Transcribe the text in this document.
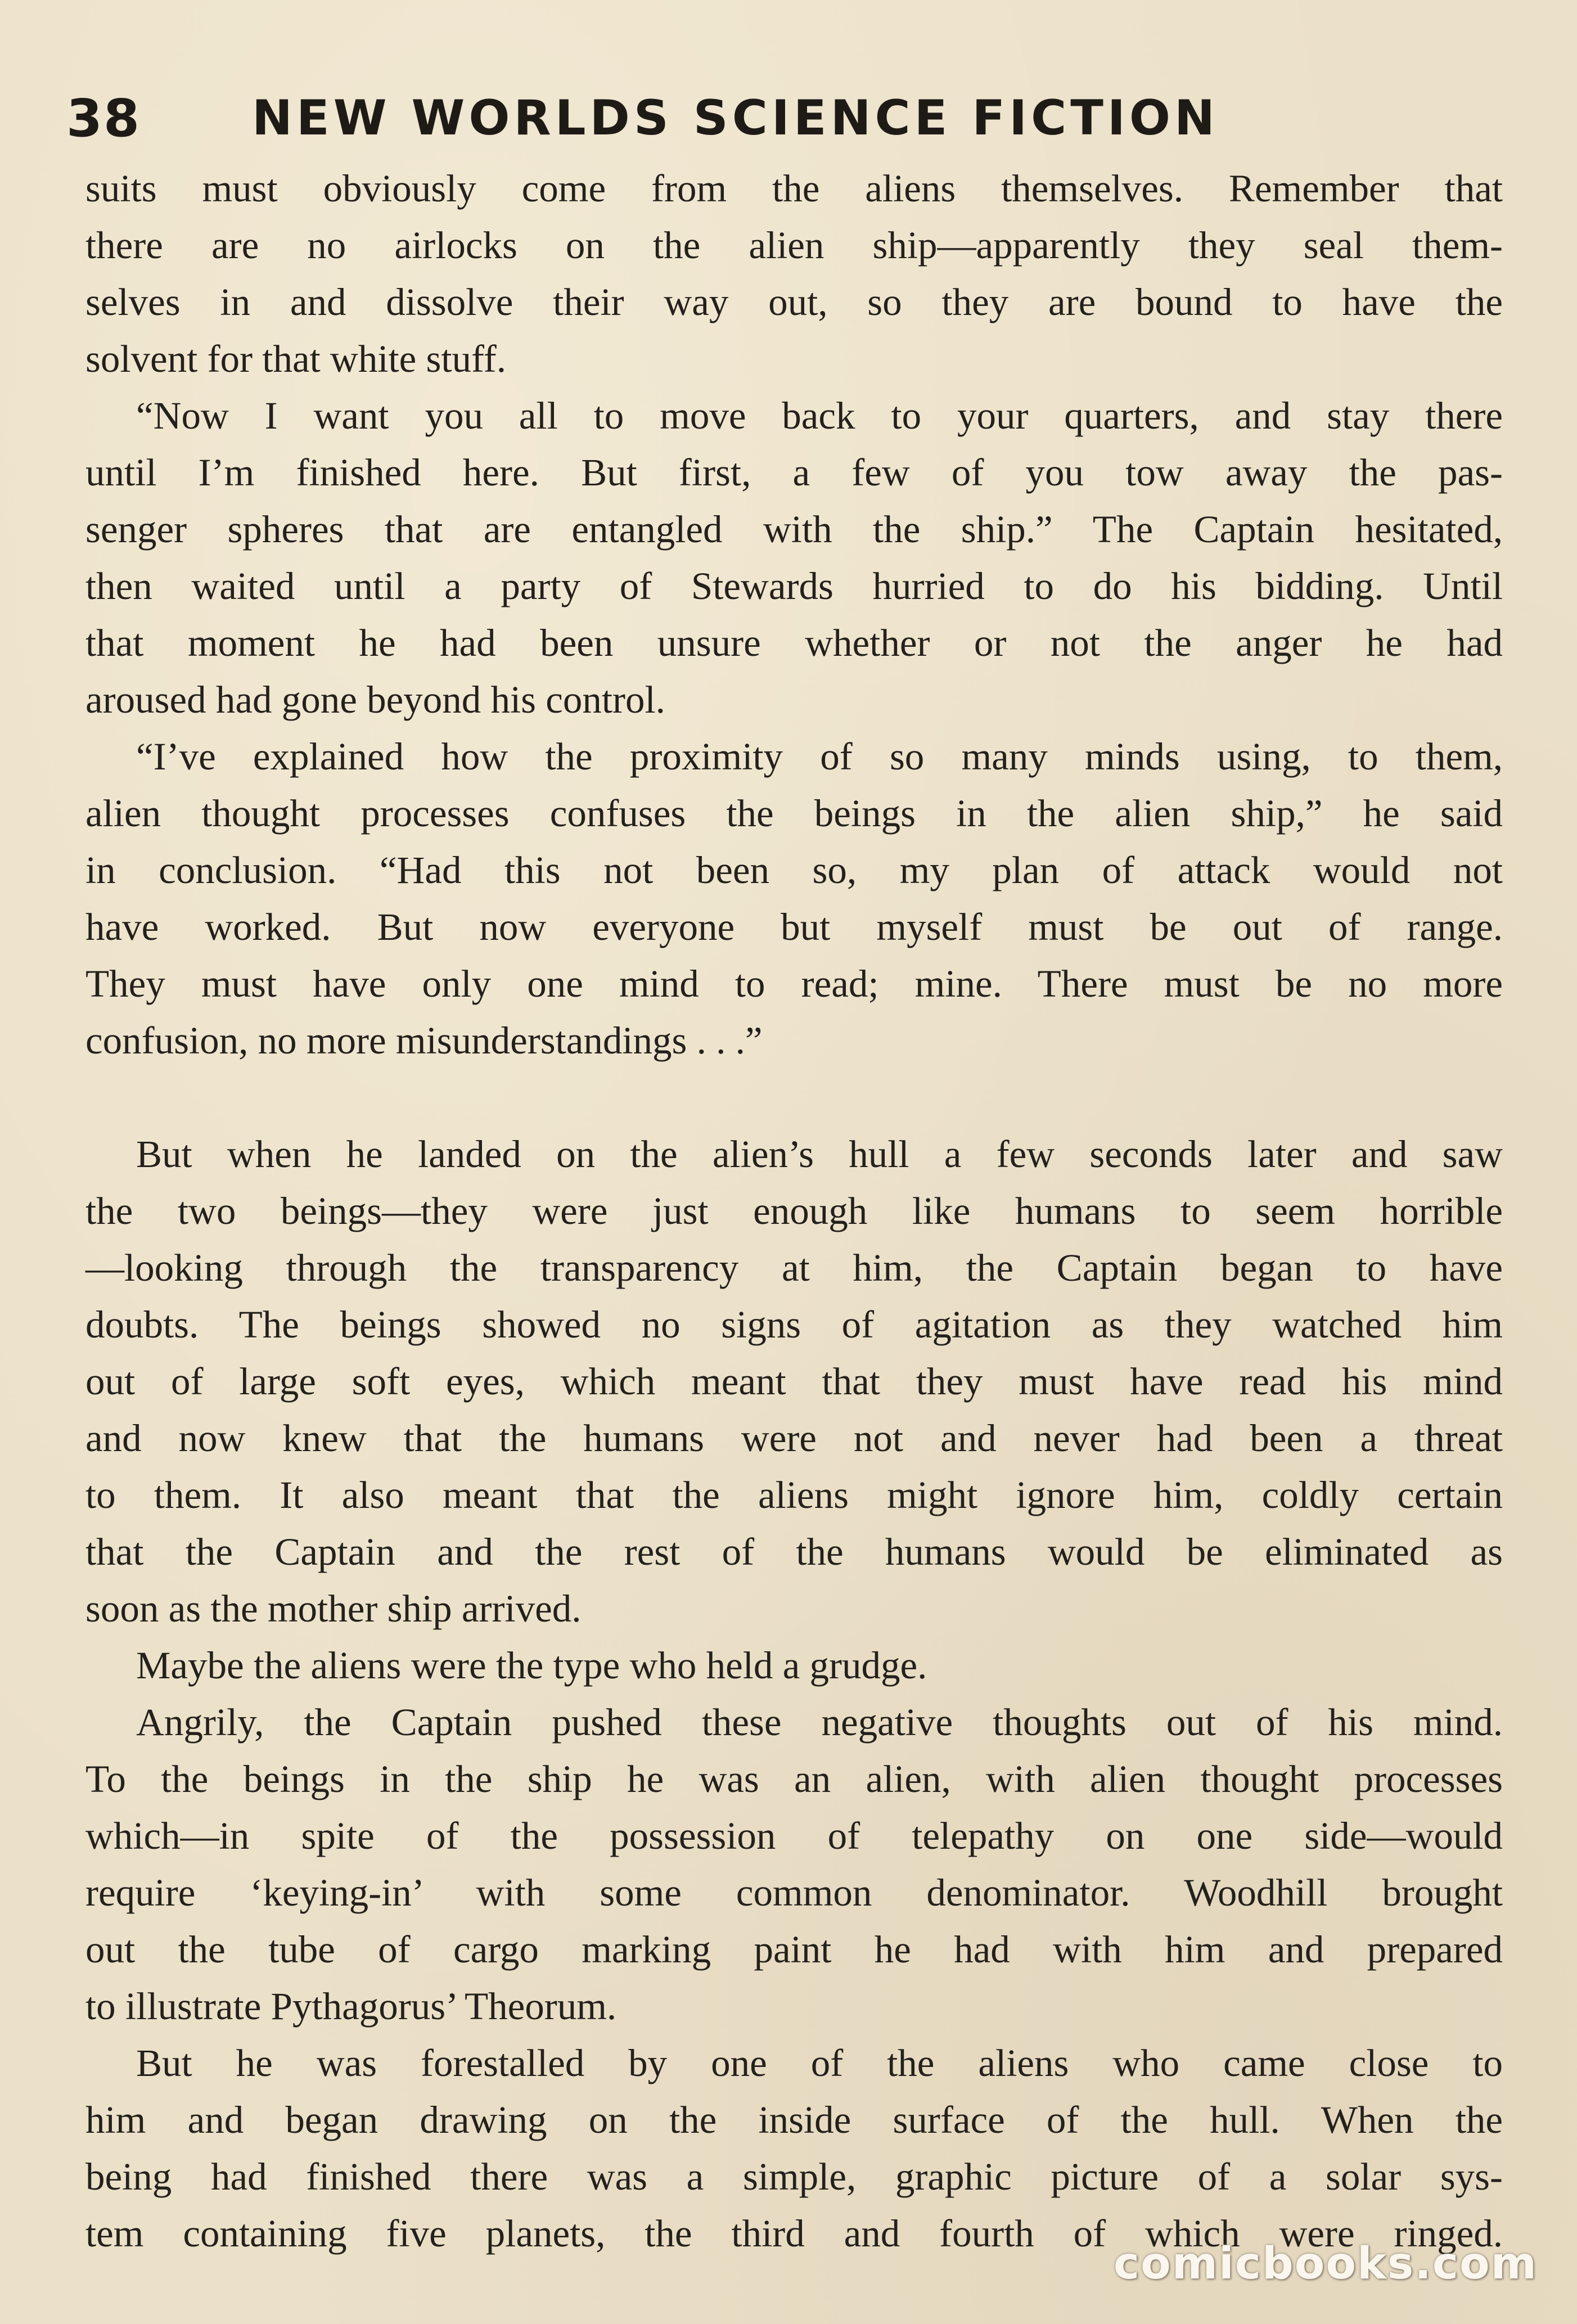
38	NEW WORLDS SCIENCE FICTION

suits must obviously come from the aliens themselves. Remember that

there are no airlocks on the alien ship—apparently they seal them-

selves in and dissolve their way out, so they are bound to have the

solvent for that white stuff.

“Now I want you all to move back to your quarters, and stay there

until I’m finished here. But first, a few of you tow away the pas-

senger spheres that are entangled with the ship.” The Captain hesitated,

then waited until a party of Stewards hurried to do his bidding. Until

that moment he had been unsure whether or not the anger he had

aroused had gone beyond his control.

“I’ve explained how the proximity of so many minds using, to them,

alien thought processes confuses the beings in the alien ship,” he said

in conclusion. “Had this not been so, my plan of attack would not

have worked. But now everyone but myself must be out of range.

They must have only one mind to read; mine. There must be no more

confusion, no more misunderstandings . . .”

But when he landed on the alien’s hull a few seconds later and saw

the two beings—they were just enough like humans to seem horrible

—looking through the transparency at him, the Captain began to have

doubts. The beings showed no signs of agitation as they watched him

out of large soft eyes, which meant that they must have read his mind

and now knew that the humans were not and never had been a threat

to them. It also meant that the aliens might ignore him, coldly certain

that the Captain and the rest of the humans would be eliminated as

soon as the mother ship arrived.

Maybe the aliens were the type who held a grudge.

Angrily, the Captain pushed these negative thoughts out of his mind.

To the beings in the ship he was an alien, with alien thought processes

which—in spite of the possession of telepathy on one side—would

require ‘keying-in’ with some common denominator. Woodhill brought

out the tube of cargo marking paint he had with him and prepared

to illustrate Pythagorus’ Theorum.

But he was forestalled by one of the aliens who came close to

him and began drawing on the inside surface of the hull. When the

being had finished there was a simple, graphic picture of a solar sys-

tem containing five planets, the third and fourth of which were ringed.

comicbooks.com
